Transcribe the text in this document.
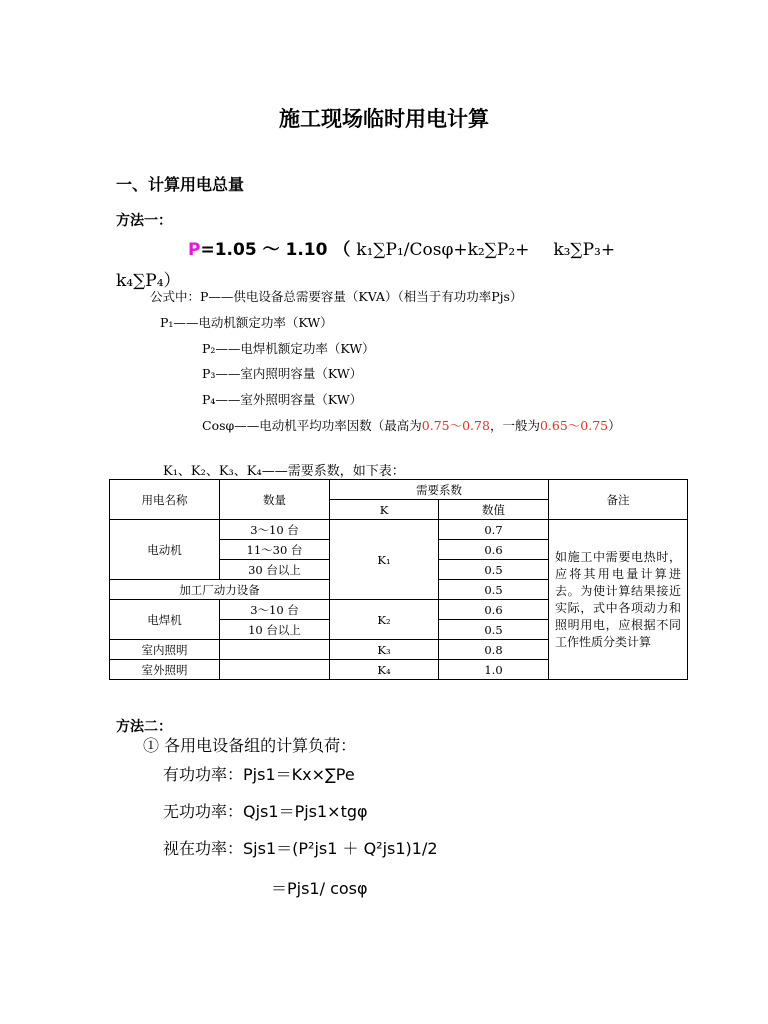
施工现场临时用电计算
一、计算用电总量
方法一：
P=1.05 ～ 1.10 （ k₁∑P₁/Cosφ+k₂∑P₂+ k₃∑P₃+
k₄∑P₄）
公式中：P——供电设备总需要容量（KVA）（相当于有功功率Pjs）
P₁——电动机额定功率（KW）
P₂——电焊机额定功率（KW）
P₃——室内照明容量（KW）
P₄——室外照明容量（KW）
Cosφ——电动机平均功率因数（最高为0.75～0.78，一般为0.65～0.75）
K₁、K₂、K₃、K₄——需要系数，如下表：
用电名称	数量	需要系数		备注
		K	数值	
电动机	3～10 台	K₁	0.7	如施工中需要电热时，应将其用电量计算进去。为使计算结果接近实际，式中各项动力和照明用电，应根据不同工作性质分类计算
	11～30 台		0.6	
	30 台以上		0.5	
加工厂动力设备			0.5	
电焊机	3～10 台	K₂	0.6	
	10 台以上		0.5	
室内照明		K₃	0.8	
室外照明		K₄	1.0	
方法二：
① 各用电设备组的计算负荷：
有功功率：Pjs1＝Kx×∑Pe
无功功率：Qjs1＝Pjs1×tgφ
视在功率：Sjs1＝(P²js1 ＋ Q²js1)1/2
＝Pjs1/ cosφ
